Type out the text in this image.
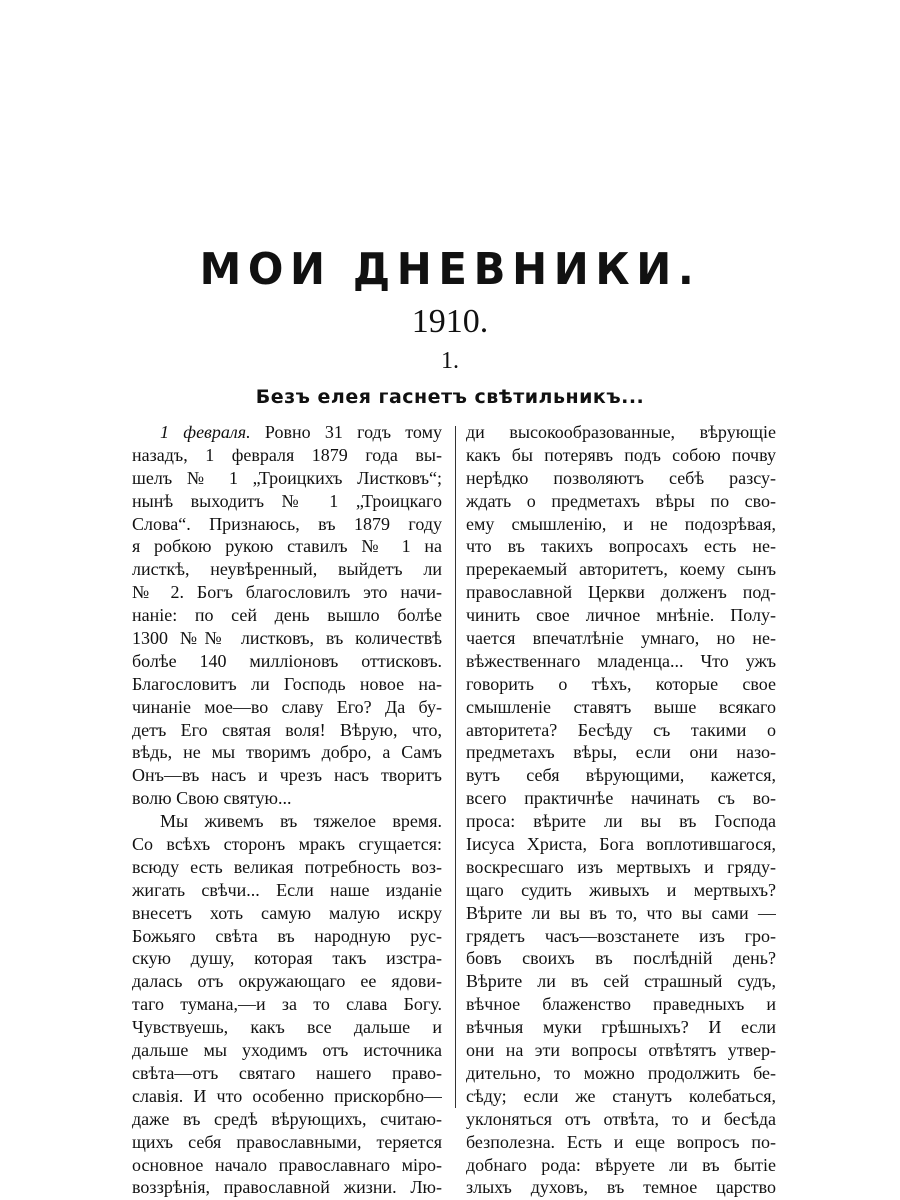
МОИ ДНЕВНИКИ.
1910.
1.
Безъ елея гаснетъ свѣтильникъ...
1 февраля. Ровно 31 годъ тому
назадъ, 1 февраля 1879 года вы-
шелъ № 1 „Троицкихъ Листковъ“;
нынѣ выходитъ № 1 „Троицкаго
Слова“. Признаюсь, въ 1879 году
я робкою рукою ставилъ № 1 на
листкѣ, неувѣренный, выйдетъ ли
№ 2. Богъ благословилъ это начи-
наніе: по сей день вышло болѣе
1300 №№ листковъ, въ количествѣ
болѣе 140 милліоновъ оттисковъ.
Благословитъ ли Господь новое на-
чинаніе мое—во славу Его? Да бу-
детъ Его святая воля! Вѣрую, что,
вѣдь, не мы творимъ добро, а Самъ
Онъ—въ насъ и чрезъ насъ творитъ
волю Свою святую...
Мы живемъ въ тяжелое время.
Со всѣхъ сторонъ мракъ сгущается:
всюду есть великая потребность воз-
жигать свѣчи... Если наше изданіе
внесетъ хоть самую малую искру
Божьяго свѣта въ народную рус-
скую душу, которая такъ изстра-
далась отъ окружающаго ее ядови-
таго тумана,—и за то слава Богу.
Чувствуешь, какъ все дальше и
дальше мы уходимъ отъ источника
свѣта—отъ святаго нашего право-
славія. И что особенно прискорбно—
даже въ средѣ вѣрующихъ, считаю-
щихъ себя православными, теряется
основное начало православнаго міро-
воззрѣнія, православной жизни. Лю-
ди высокообразованные, вѣрующіе
какъ бы потерявъ подъ собою почву
нерѣдко позволяютъ себѣ разсу-
ждать о предметахъ вѣры по сво-
ему смышленію, и не подозрѣвая,
что въ такихъ вопросахъ есть не-
пререкаемый авторитетъ, коему сынъ
православной Церкви долженъ под-
чинить свое личное мнѣніе. Полу-
чается впечатлѣніе умнаго, но не-
вѣжественнаго младенца... Что ужъ
говорить о тѣхъ, которые свое
смышленіе ставятъ выше всякаго
авторитета? Бесѣду съ такими о
предметахъ вѣры, если они назо-
вутъ себя вѣрующими, кажется,
всего практичнѣе начинать съ во-
проса: вѣрите ли вы въ Господа
Іисуса Христа, Бога воплотившагося,
воскресшаго изъ мертвыхъ и гряду-
щаго судить живыхъ и мертвыхъ?
Вѣрите ли вы въ то, что вы сами —
грядетъ часъ—возстанете изъ гро-
бовъ своихъ въ послѣдній день?
Вѣрите ли въ сей страшный судъ,
вѣчное блаженство праведныхъ и
вѣчныя муки грѣшныхъ? И если
они на эти вопросы отвѣтятъ утвер-
дительно, то можно продолжить бе-
сѣду; если же станутъ колебаться,
уклоняться отъ отвѣта, то и бесѣда
безполезна. Есть и еще вопросъ по-
добнаго рода: вѣруете ли въ бытіе
злыхъ духовъ, въ темное царство
